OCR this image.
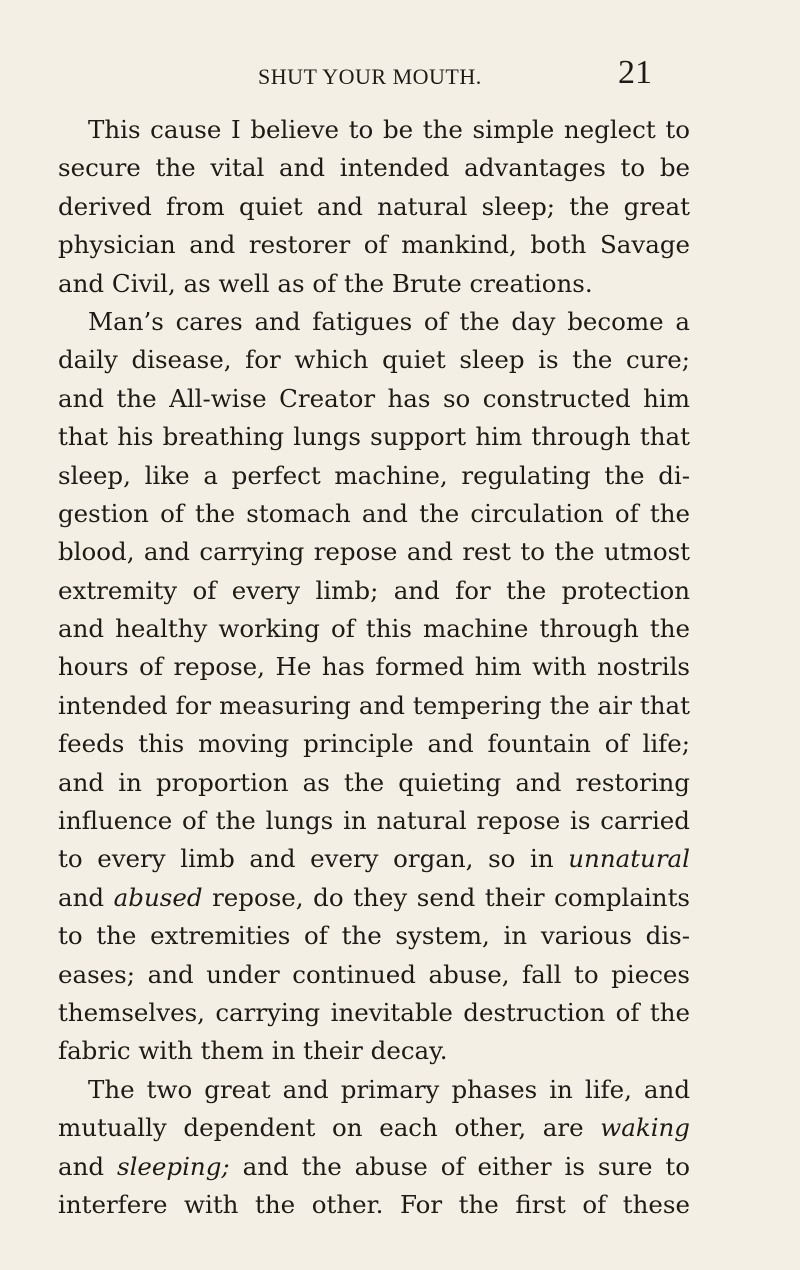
SHUT YOUR MOUTH.	21
This cause I believe to be the simple neglect to
secure the vital and intended advantages to be
derived from quiet and natural sleep; the great
physician and restorer of mankind, both Savage
and Civil, as well as of the Brute creations.
Man’s cares and fatigues of the day become a
daily disease, for which quiet sleep is the cure;
and the All-wise Creator has so constructed him
that his breathing lungs support him through that
sleep, like a perfect machine, regulating the di-
gestion of the stomach and the circulation of the
blood, and carrying repose and rest to the utmost
extremity of every limb; and for the protection
and healthy working of this machine through the
hours of repose, He has formed him with nostrils
intended for measuring and tempering the air that
feeds this moving principle and fountain of life;
and in proportion as the quieting and restoring
influence of the lungs in natural repose is carried
to every limb and every organ, so in unnatural
and abused repose, do they send their complaints
to the extremities of the system, in various dis-
eases; and under continued abuse, fall to pieces
themselves, carrying inevitable destruction of the
fabric with them in their decay.
The two great and primary phases in life, and
mutually dependent on each other, are waking
and sleeping; and the abuse of either is sure to
interfere with the other. For the first of these
